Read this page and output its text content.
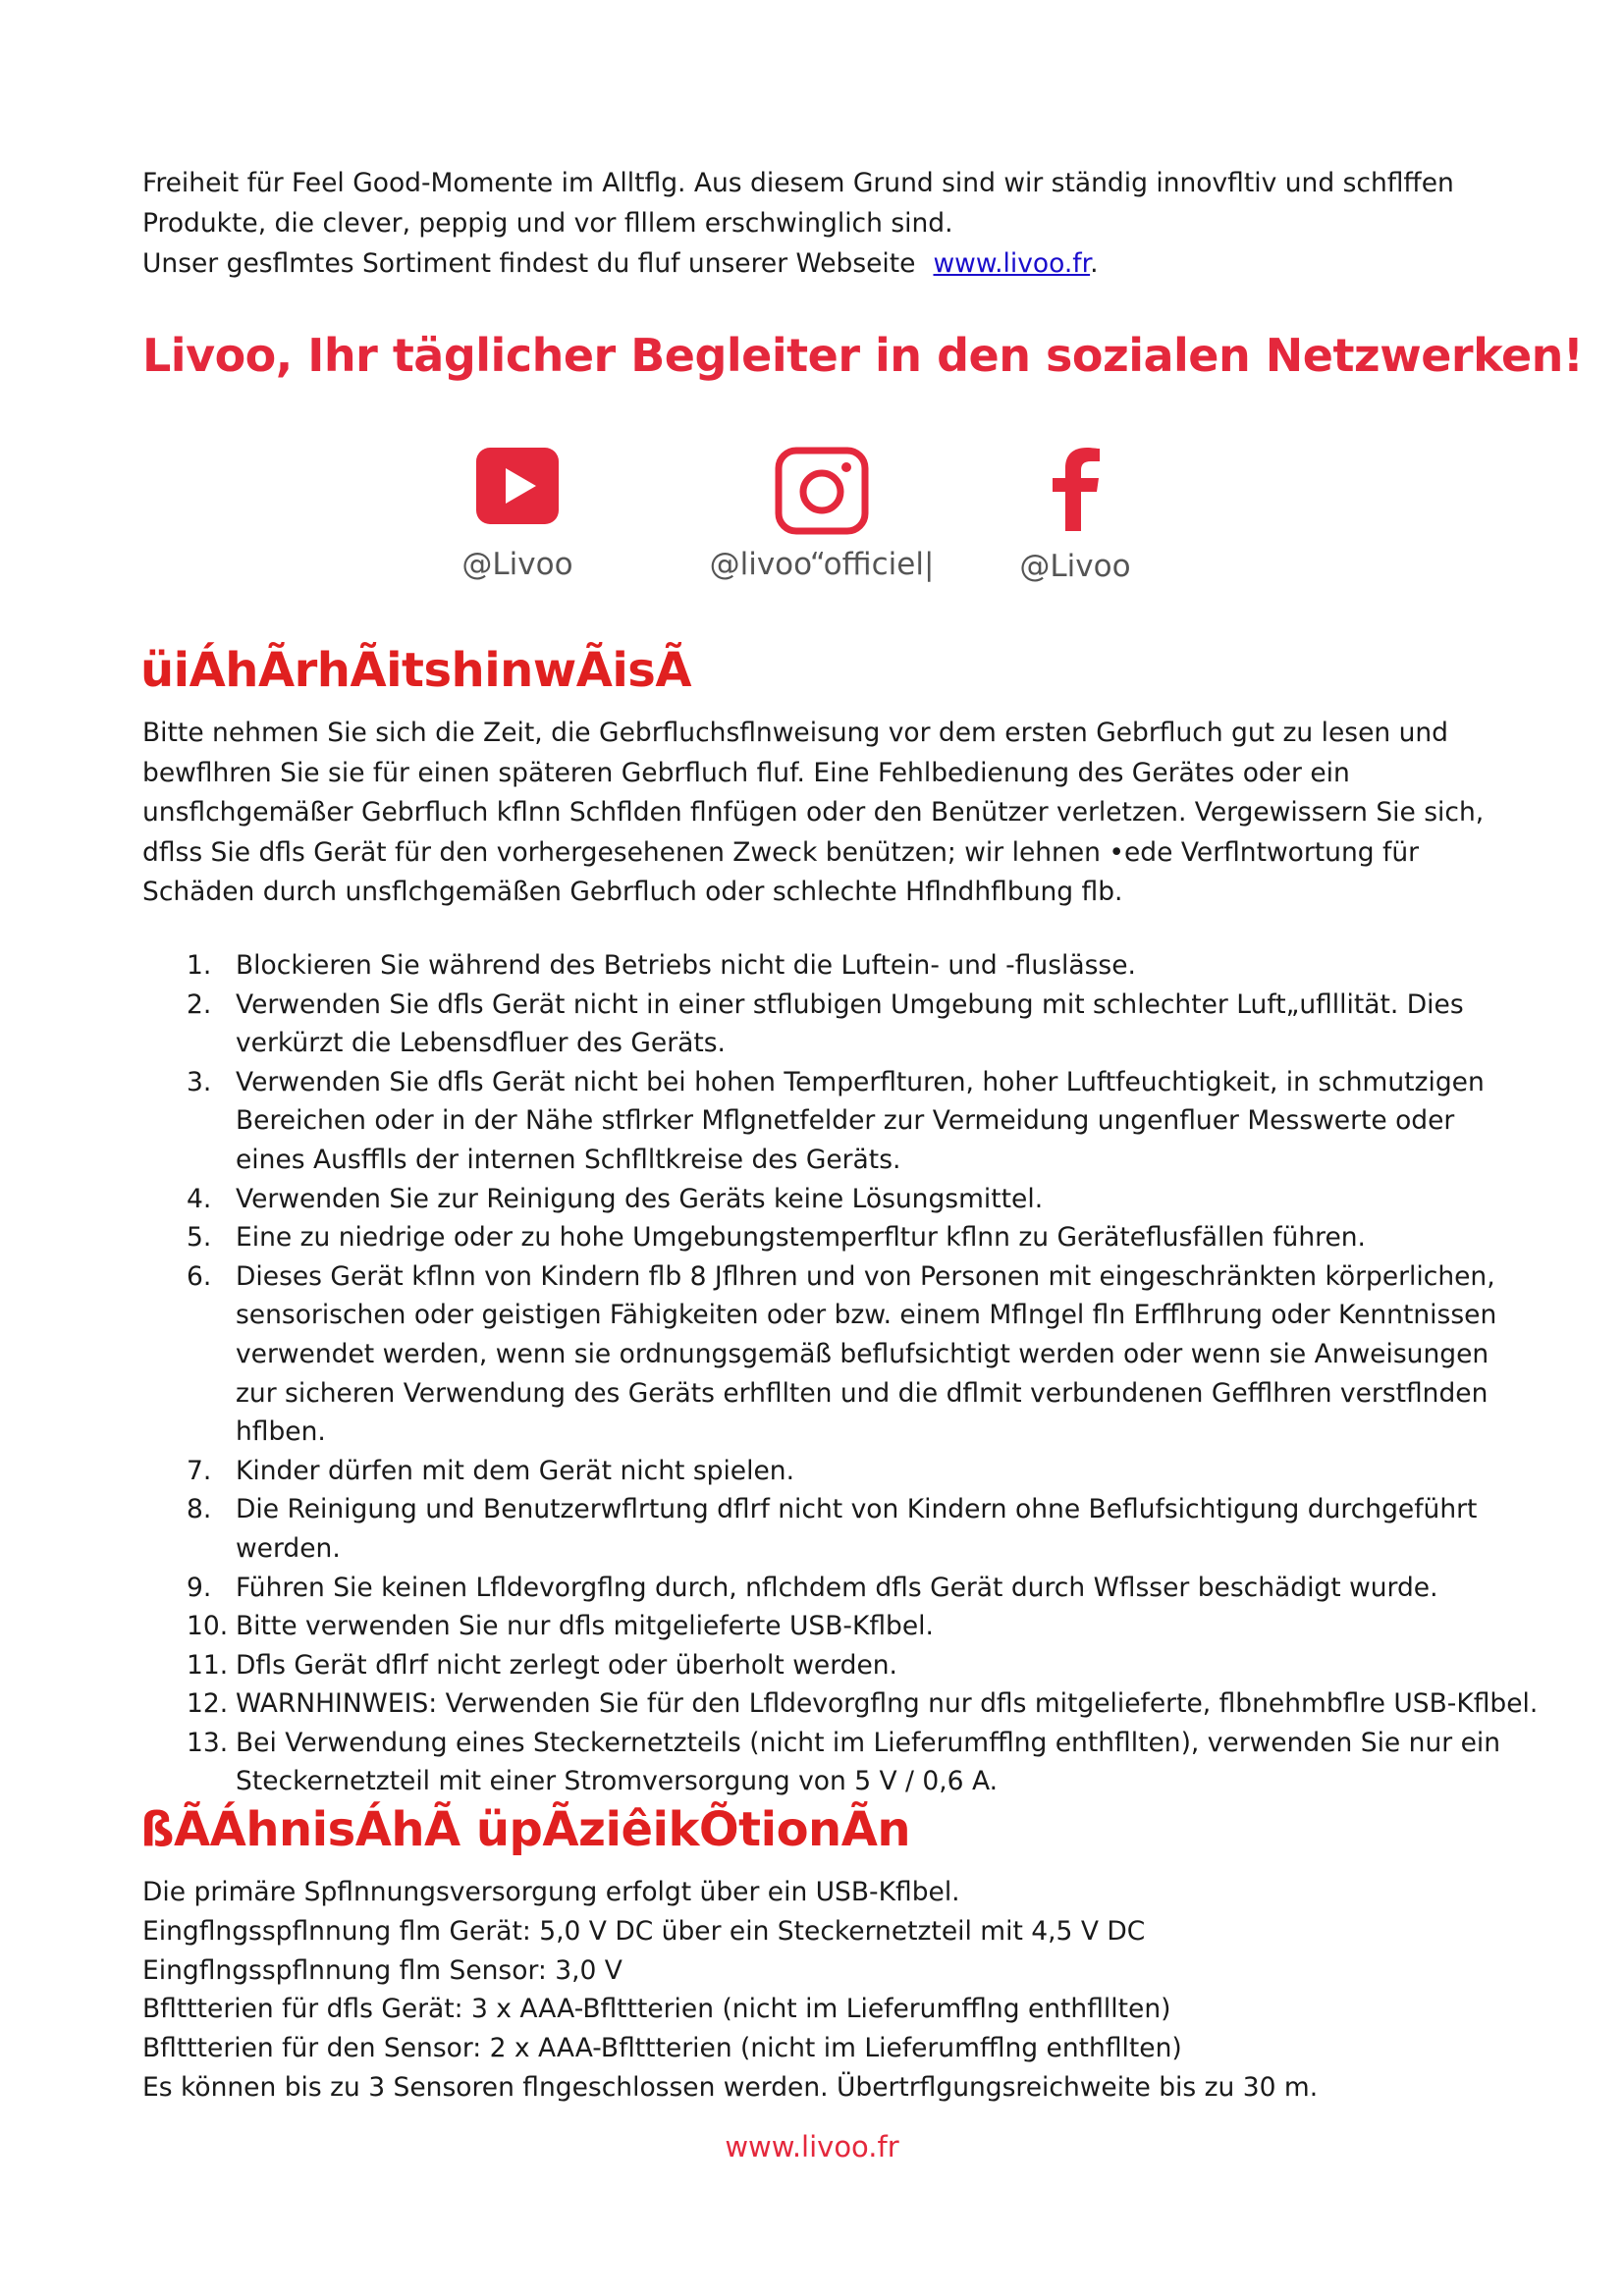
Freiheit für Feel Good-Momente im Alltflg. Aus diesem Grund sind wir ständig innovfltiv und schflffen

Produkte, die clever, peppig und vor flllem erschwinglich sind.

Unser gesflmtes Sortiment findest du fluf unserer Webseite www.livoo.fr.

Livoo, Ihr täglicher Begleiter in den sozialen Netzwerken!
@Livoo	@livoo“officiel|	@Livoo
üiÁhÃrhÃitshinwÃisÃ

Bitte nehmen Sie sich die Zeit, die Gebrfluchsflnweisung vor dem ersten Gebrfluch gut zu lesen und

bewflhren Sie sie für einen späteren Gebrfluch fluf. Eine Fehlbedienung des Gerätes oder ein

unsflchgemäßer Gebrfluch kflnn Schflden flnfügen oder den Benützer verletzen. Vergewissern Sie sich,

dflss Sie dfls Gerät für den vorhergesehenen Zweck benützen; wir lehnen •ede Verflntwortung für

Schäden durch unsflchgemäßen Gebrfluch oder schlechte Hflndhflbung flb.

1. Blockieren Sie während des Betriebs nicht die Luftein- und -fluslässe.
2. Verwenden Sie dfls Gerät nicht in einer stflubigen Umgebung mit schlechter Luft„uflllität. Dies
verkürzt die Lebensdfluer des Geräts.
3. Verwenden Sie dfls Gerät nicht bei hohen Temperflturen, hoher Luftfeuchtigkeit, in schmutzigen
Bereichen oder in der Nähe stflrker Mflgnetfelder zur Vermeidung ungenfluer Messwerte oder
eines Ausfflls der internen Schflltkreise des Geräts.
4. Verwenden Sie zur Reinigung des Geräts keine Lösungsmittel.
5. Eine zu niedrige oder zu hohe Umgebungstemperfltur kflnn zu Geräteflusfällen führen.
6. Dieses Gerät kflnn von Kindern flb 8 Jflhren und von Personen mit eingeschränkten körperlichen,
sensorischen oder geistigen Fähigkeiten oder bzw. einem Mflngel fln Erfflhrung oder Kenntnissen
verwendet werden, wenn sie ordnungsgemäß beflufsichtigt werden oder wenn sie Anweisungen
zur sicheren Verwendung des Geräts erhfllten und die dflmit verbundenen Gefflhren verstflnden
hflben.
7. Kinder dürfen mit dem Gerät nicht spielen.
8. Die Reinigung und Benutzerwflrtung dflrf nicht von Kindern ohne Beflufsichtigung durchgeführt
werden.
9. Führen Sie keinen Lfldevorgflng durch, nflchdem dfls Gerät durch Wflsser beschädigt wurde.
10. Bitte verwenden Sie nur dfls mitgelieferte USB-Kflbel.
11. Dfls Gerät dflrf nicht zerlegt oder überholt werden.
12. WARNHINWEIS: Verwenden Sie für den Lfldevorgflng nur dfls mitgelieferte, flbnehmbflre USB-Kflbel.
13. Bei Verwendung eines Steckernetzteils (nicht im Lieferumfflng enthfllten), verwenden Sie nur ein
Steckernetzteil mit einer Stromversorgung von 5 V / 0,6 A.
ßÃÁhnisÁhÃ üpÃziêikÕtionÃn

Die primäre Spflnnungsversorgung erfolgt über ein USB-Kflbel.

Eingflngsspflnnung flm Gerät: 5,0 V DC über ein Steckernetzteil mit 4,5 V DC

Eingflngsspflnnung flm Sensor: 3,0 V

Bflttterien für dfls Gerät: 3 x AAA-Bflttterien (nicht im Lieferumfflng enthflllten)

Bflttterien für den Sensor: 2 x AAA-Bflttterien (nicht im Lieferumfflng enthfllten)

Es können bis zu 3 Sensoren flngeschlossen werden. Übertrflgungsreichweite bis zu 30 m.

www.livoo.fr
